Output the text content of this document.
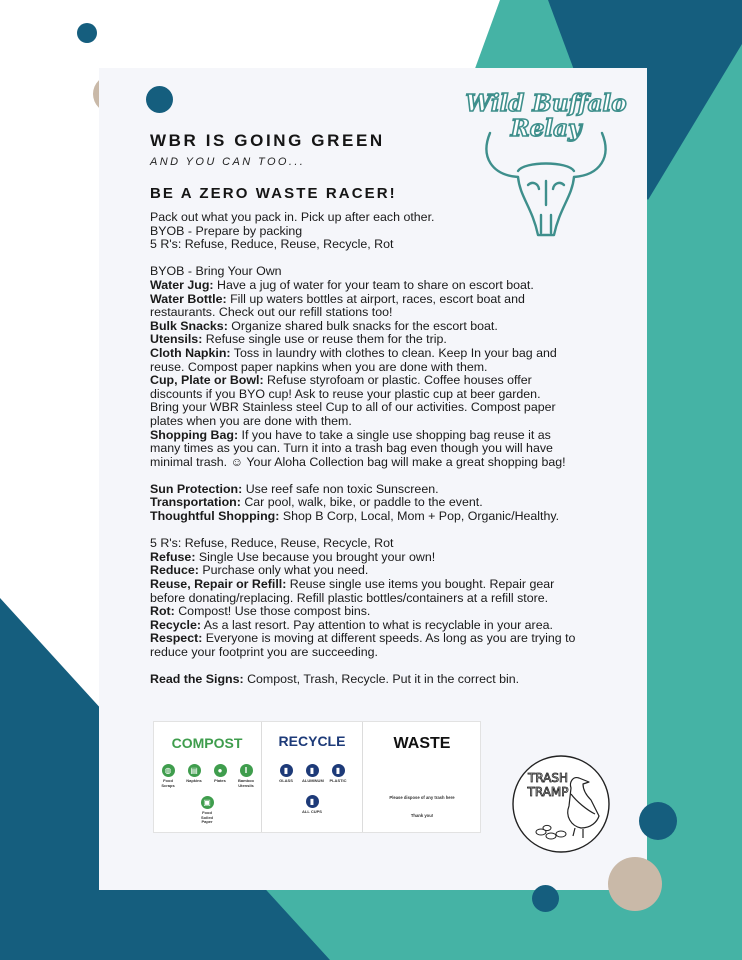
Wild Buffalo
Relay
WBR IS GOING GREEN

AND YOU CAN TOO...

BE A ZERO WASTE RACER!

Pack out what you pack in. Pick up after each other.

BYOB - Prepare by packing

5 R's: Refuse, Reduce, Reuse, Recycle, Rot

BYOB - Bring Your Own

Water Jug: Have a jug of water for your team to share on escort boat.

Water Bottle: Fill up waters bottles at airport, races, escort boat and

restaurants. Check out our refill stations too!

Bulk Snacks: Organize shared bulk snacks for the escort boat.

Utensils: Refuse single use or reuse them for the trip.

Cloth Napkin: Toss in laundry with clothes to clean. Keep In your bag and

reuse. Compost paper napkins when you are done with them.

Cup, Plate or Bowl: Refuse styrofoam or plastic. Coffee houses offer

discounts if you BYO cup! Ask to reuse your plastic cup at beer garden.

Bring your WBR Stainless steel Cup to all of our activities. Compost paper

plates when you are done with them.

Shopping Bag: If you have to take a single use shopping bag reuse it as

many times as you can. Turn it into a trash bag even though you will have

minimal trash. ☺ Your Aloha Collection bag will make a great shopping bag!

Sun Protection: Use reef safe non toxic Sunscreen.

Transportation: Car pool, walk, bike, or paddle to the event.

Thoughtful Shopping: Shop B Corp, Local, Mom + Pop, Organic/Healthy.

5 R's: Refuse, Reduce, Reuse, Recycle, Rot

Refuse: Single Use because you brought your own!

Reduce: Purchase only what you need.

Reuse, Repair or Refill: Reuse single use items you bought. Repair gear

before donating/replacing. Refill plastic bottles/containers at a refill store.

Rot: Compost! Use those compost bins.

Recycle: As a last resort. Pay attention to what is recyclable in your area.

Respect: Everyone is moving at different speeds. As long as you are trying to

reduce your footprint you are succeeding.

Read the Signs: Compost, Trash, Recycle. Put it in the correct bin.

COMPOST
◍
Food Scraps
▤
Napkins
●
Plates
‖
Bamboo Utensils
▣
Food Soiled Paper
RECYCLE
▮
GLASS
▮
ALUMINUM
▮
PLASTIC
▮
ALL CUPS
WASTE
Please dispose of any trash here
Thank you!
TRASH
TRAMP
